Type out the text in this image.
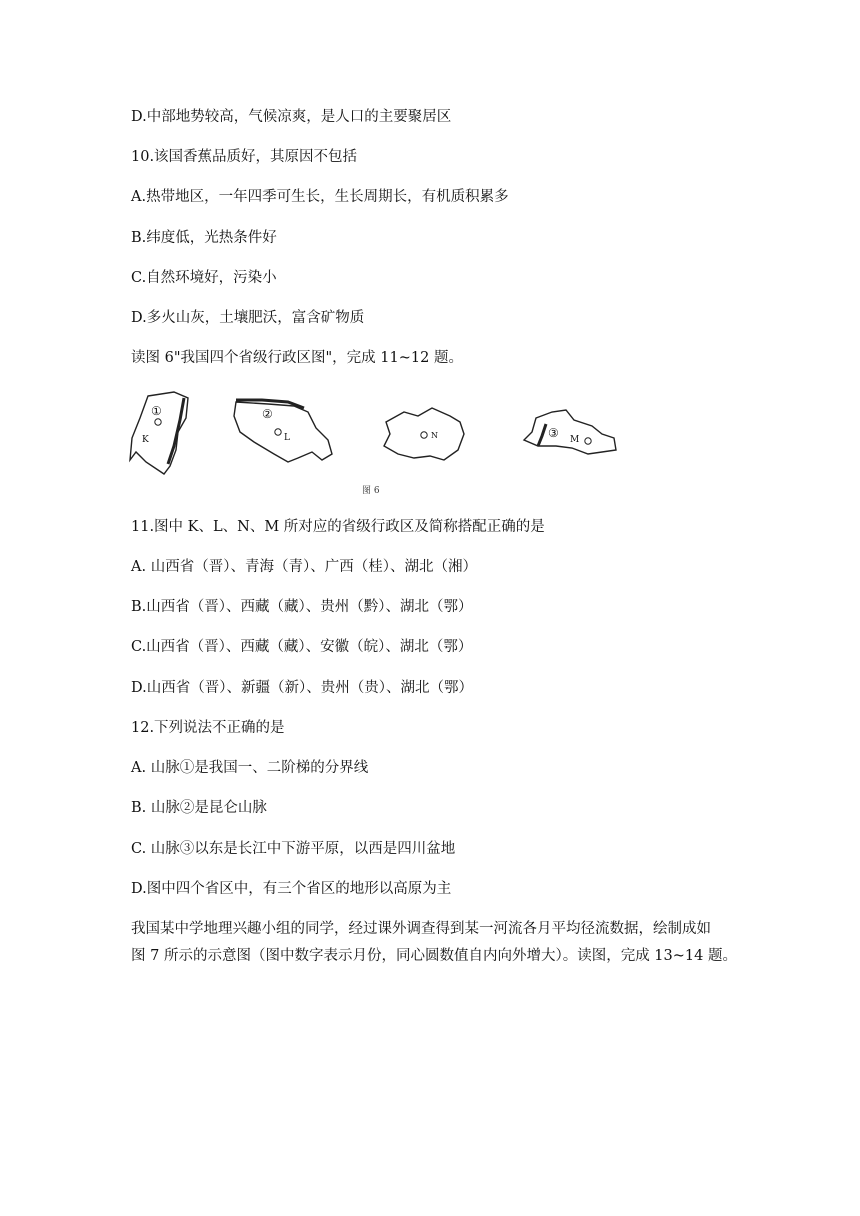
D.中部地势较高，气候凉爽，是人口的主要聚居区
10.该国香蕉品质好，其原因不包括
A.热带地区，一年四季可生长，生长周期长，有机质积累多
B.纬度低，光热条件好
C.自然环境好，污染小
D.多火山灰，土壤肥沃，富含矿物质
读图 6"我国四个省级行政区图"，完成 11~12 题。
①
K
②
L	N	③ M
图 6
11.图中 K、L、N、M 所对应的省级行政区及简称搭配正确的是
A. 山西省（晋）、青海（青）、广西（桂）、湖北（湘）
B.山西省（晋）、西藏（藏）、贵州（黔）、湖北（鄂）
C.山西省（晋）、西藏（藏）、安徽（皖）、湖北（鄂）
D.山西省（晋）、新疆（新）、贵州（贵）、湖北（鄂）
12.下列说法不正确的是
A. 山脉①是我国一、二阶梯的分界线
B. 山脉②是昆仑山脉
C. 山脉③以东是长江中下游平原，以西是四川盆地
D.图中四个省区中，有三个省区的地形以高原为主
我国某中学地理兴趣小组的同学，经过课外调查得到某一河流各月平均径流数据，绘制成如
图 7 所示的示意图（图中数字表示月份，同心圆数值自内向外增大）。读图，完成 13~14 题。
